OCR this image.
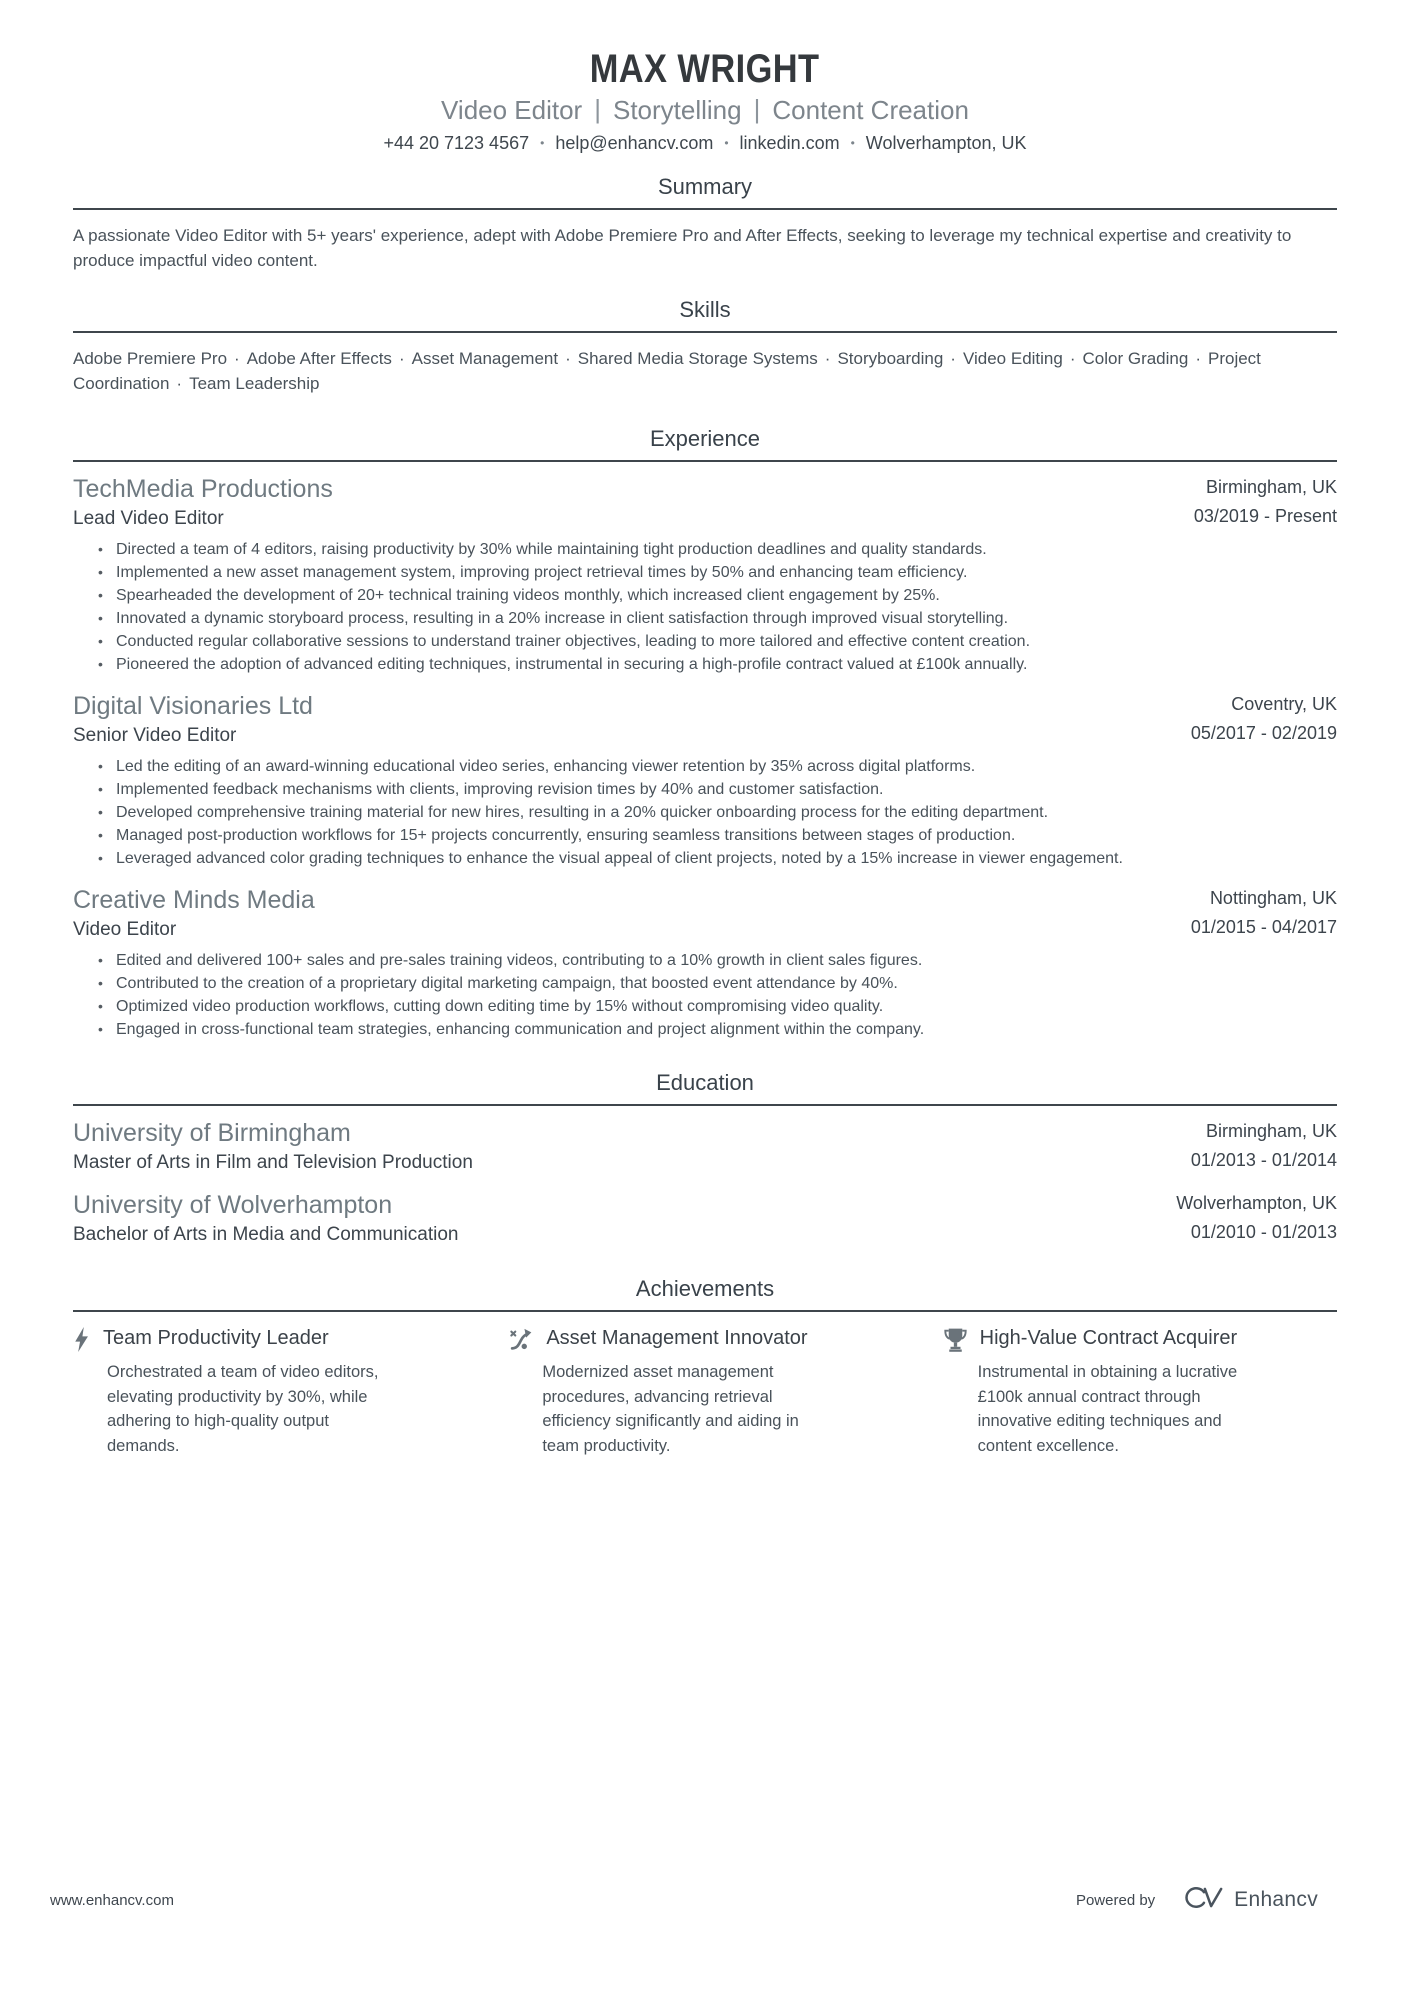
MAX WRIGHT
Video Editor | Storytelling | Content Creation
+44 20 7123 4567 • help@enhancv.com • linkedin.com • Wolverhampton, UK
Summary

A passionate Video Editor with 5+ years' experience, adept with Adobe Premiere Pro and After Effects, seeking to leverage my technical expertise and creativity to produce impactful video content.

Skills

Adobe Premiere Pro · Adobe After Effects · Asset Management · Shared Media Storage Systems · Storyboarding · Video Editing · Color Grading · Project Coordination · Team Leadership

Experience
TechMedia Productions
Lead Video Editor
Birmingham, UK
03/2019 - Present
• Directed a team of 4 editors, raising productivity by 30% while maintaining tight production deadlines and quality standards.
• Implemented a new asset management system, improving project retrieval times by 50% and enhancing team efficiency.
• Spearheaded the development of 20+ technical training videos monthly, which increased client engagement by 25%.
• Innovated a dynamic storyboard process, resulting in a 20% increase in client satisfaction through improved visual storytelling.
• Conducted regular collaborative sessions to understand trainer objectives, leading to more tailored and effective content creation.
• Pioneered the adoption of advanced editing techniques, instrumental in securing a high-profile contract valued at £100k annually.
Digital Visionaries Ltd
Senior Video Editor
Coventry, UK
05/2017 - 02/2019
• Led the editing of an award-winning educational video series, enhancing viewer retention by 35% across digital platforms.
• Implemented feedback mechanisms with clients, improving revision times by 40% and customer satisfaction.
• Developed comprehensive training material for new hires, resulting in a 20% quicker onboarding process for the editing department.
• Managed post-production workflows for 15+ projects concurrently, ensuring seamless transitions between stages of production.
• Leveraged advanced color grading techniques to enhance the visual appeal of client projects, noted by a 15% increase in viewer engagement.
Creative Minds Media
Video Editor
Nottingham, UK
01/2015 - 04/2017
• Edited and delivered 100+ sales and pre-sales training videos, contributing to a 10% growth in client sales figures.
• Contributed to the creation of a proprietary digital marketing campaign, that boosted event attendance by 40%.
• Optimized video production workflows, cutting down editing time by 15% without compromising video quality.
• Engaged in cross-functional team strategies, enhancing communication and project alignment within the company.
Education
University of Birmingham
Master of Arts in Film and Television Production
Birmingham, UK
01/2013 - 01/2014
University of Wolverhampton
Bachelor of Arts in Media and Communication
Wolverhampton, UK
01/2010 - 01/2013
Achievements
Team Productivity Leader

Orchestrated a team of video editors, elevating productivity by 30%, while adhering to high-quality output demands.

Asset Management Innovator

Modernized asset management procedures, advancing retrieval efficiency significantly and aiding in team productivity.

High-Value Contract Acquirer

Instrumental in obtaining a lucrative £100k annual contract through innovative editing techniques and content excellence.

www.enhancv.com	Powered by	Enhancv
